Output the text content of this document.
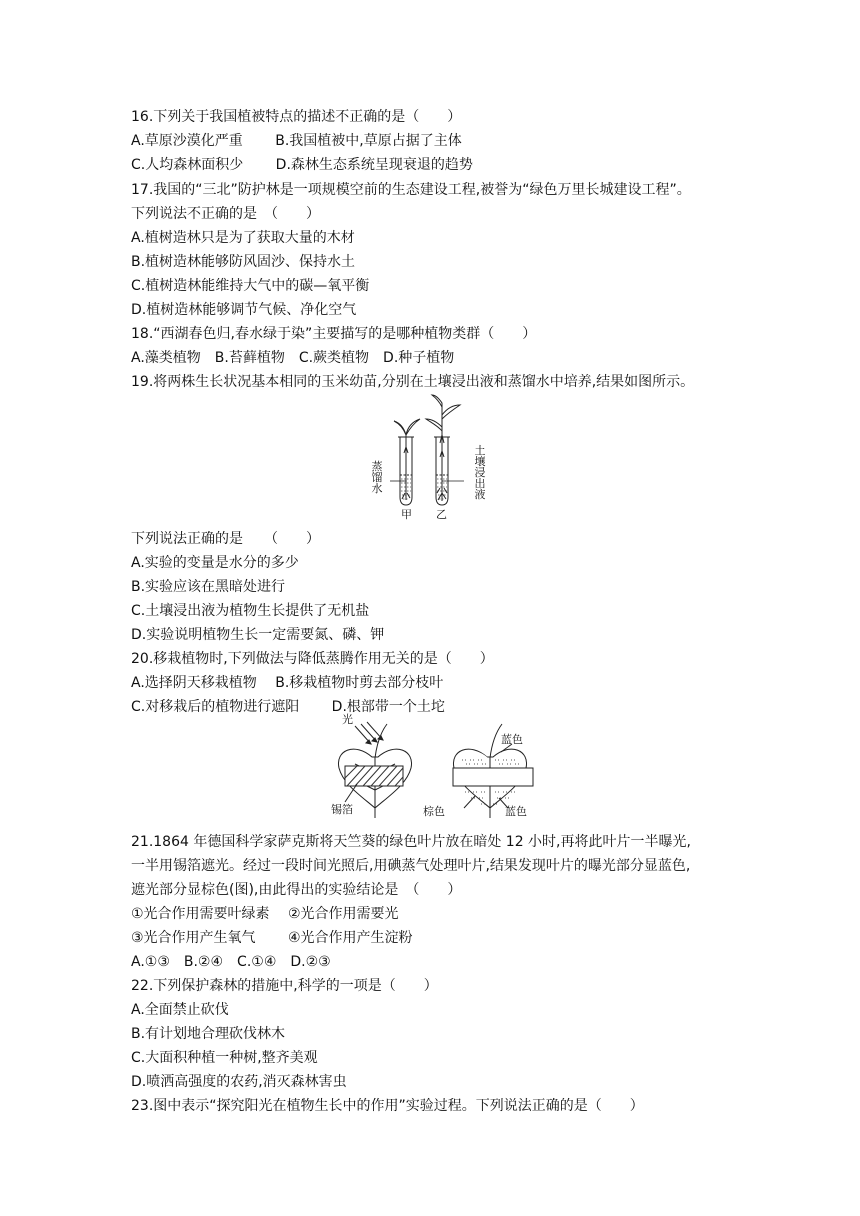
16.下列关于我国植被特点的描述不正确的是（　　）
A.草原沙漠化严重　　 B.我国植被中,草原占据了主体
C.人均森林面积少　　 D.森林生态系统呈现衰退的趋势
17.我国的“三北”防护林是一项规模空前的生态建设工程,被誉为“绿色万里长城建设工程”。
下列说法不正确的是　（　　）
A.植树造林只是为了获取大量的木材
B.植树造林能够防风固沙、保持水土
C.植树造林能维持大气中的碳—氧平衡
D.植树造林能够调节气候、净化空气
18.“西湖春色归,春水绿于染”主要描写的是哪种植物类群（　　）
A.藻类植物　B.苔藓植物　C.蕨类植物　D.种子植物
19.将两株生长状况基本相同的玉米幼苗,分别在土壤浸出液和蒸馏水中培养,结果如图所示。
蒸馏水
土壤浸出液
甲 乙
下列说法正确的是　　（　　）
A.实验的变量是水分的多少
B.实验应该在黑暗处进行
C.土壤浸出液为植物生长提供了无机盐
D.实验说明植物生长一定需要氮、磷、钾
20.移栽植物时,下列做法与降低蒸腾作用无关的是（　　）
A.选择阴天移栽植物　 B.移栽植物时剪去部分枝叶
C.对移栽后的植物进行遮阳　　 D.根部带一个土坨
光
锡箔
蓝色
棕色	蓝色
21.1864 年德国科学家萨克斯将天竺葵的绿色叶片放在暗处 12 小时,再将此叶片一半曝光,
一半用锡箔遮光。经过一段时间光照后,用碘蒸气处理叶片,结果发现叶片的曝光部分显蓝色,
遮光部分显棕色(图),由此得出的实验结论是　（　　）
①光合作用需要叶绿素　 ②光合作用需要光
③光合作用产生氧气　　 ④光合作用产生淀粉
A.①③　B.②④　C.①④　D.②③
22.下列保护森林的措施中,科学的一项是（　　）
A.全面禁止砍伐
B.有计划地合理砍伐林木
C.大面积种植一种树,整齐美观
D.喷洒高强度的农药,消灭森林害虫
23.图中表示“探究阳光在植物生长中的作用”实验过程。下列说法正确的是（　　）
